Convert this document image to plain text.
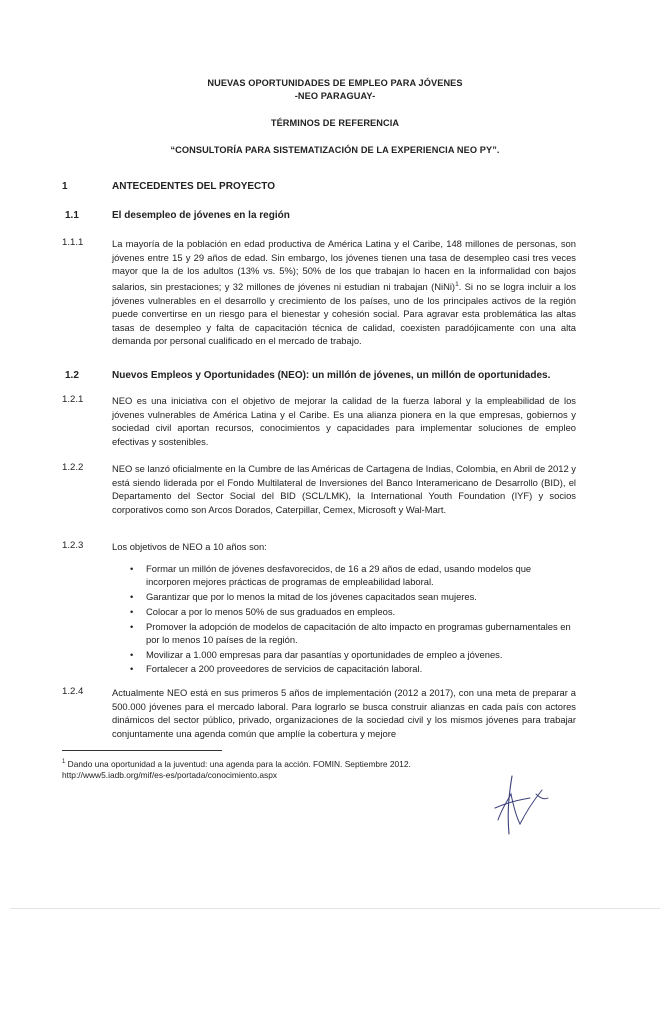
NUEVAS OPORTUNIDADES DE EMPLEO PARA JÓVENES
-NEO PARAGUAY-
TÉRMINOS DE REFERENCIA
“CONSULTORÍA PARA SISTEMATIZACIÓN DE LA EXPERIENCIA NEO PY”.
1	ANTECEDENTES DEL PROYECTO
1.1	El desempleo de jóvenes en la región
1.1.1	La mayoría de la población en edad productiva de América Latina y el Caribe, 148 millones de personas, son jóvenes entre 15 y 29 años de edad. Sin embargo, los jóvenes tienen una tasa de desempleo casi tres veces mayor que la de los adultos (13% vs. 5%); 50% de los que trabajan lo hacen en la informalidad con bajos salarios, sin prestaciones; y 32 millones de jóvenes ni estudian ni trabajan (NiNi)$^1$. Si no se logra incluir a los jóvenes vulnerables en el desarrollo y crecimiento de los países, uno de los principales activos de la región puede convertirse en un riesgo para el bienestar y cohesión social. Para agravar esta problemática las altas tasas de desempleo y falta de capacitación técnica de calidad, coexisten paradójicamente con una alta demanda por personal cualificado en el mercado de trabajo.
1.2	Nuevos Empleos y Oportunidades (NEO): un millón de jóvenes, un millón de oportunidades.
1.2.1	NEO es una iniciativa con el objetivo de mejorar la calidad de la fuerza laboral y la empleabilidad de los jóvenes vulnerables de América Latina y el Caribe. Es una alianza pionera en la que empresas, gobiernos y sociedad civil aportan recursos, conocimientos y capacidades para implementar soluciones de empleo efectivas y sostenibles.
1.2.2	NEO se lanzó oficialmente en la Cumbre de las Américas de Cartagena de Indias, Colombia, en Abril de 2012 y está siendo liderada por el Fondo Multilateral de Inversiones del Banco Interamericano de Desarrollo (BID), el Departamento del Sector Social del BID (SCL/LMK), la International Youth Foundation (IYF) y socios corporativos como son Arcos Dorados, Caterpillar, Cemex, Microsoft y Wal-Mart.
1.2.3	Los objetivos de NEO a 10 años son:
• Formar un millón de jóvenes desfavorecidos, de 16 a 29 años de edad, usando modelos que incorporen mejores prácticas de programas de empleabilidad laboral.
• Garantizar que por lo menos la mitad de los jóvenes capacitados sean mujeres.
• Colocar a por lo menos 50% de sus graduados en empleos.
• Promover la adopción de modelos de capacitación de alto impacto en programas gubernamentales en por lo menos 10 países de la región.
• Movilizar a 1.000 empresas para dar pasantías y oportunidades de empleo a jóvenes.
• Fortalecer a 200 proveedores de servicios de capacitación laboral.
1.2.4	Actualmente NEO está en sus primeros 5 años de implementación (2012 a 2017), con una meta de preparar a 500.000 jóvenes para el mercado laboral. Para lograrlo se busca construir alianzas en cada país con actores dinámicos del sector público, privado, organizaciones de la sociedad civil y los mismos jóvenes para trabajar conjuntamente una agenda común que amplíe la cobertura y mejore
$^1$ Dando una oportunidad a la juventud: una agenda para la acción. FOMIN. Septiembre 2012.
http://www5.iadb.org/mif/es-es/portada/conocimiento.aspx
